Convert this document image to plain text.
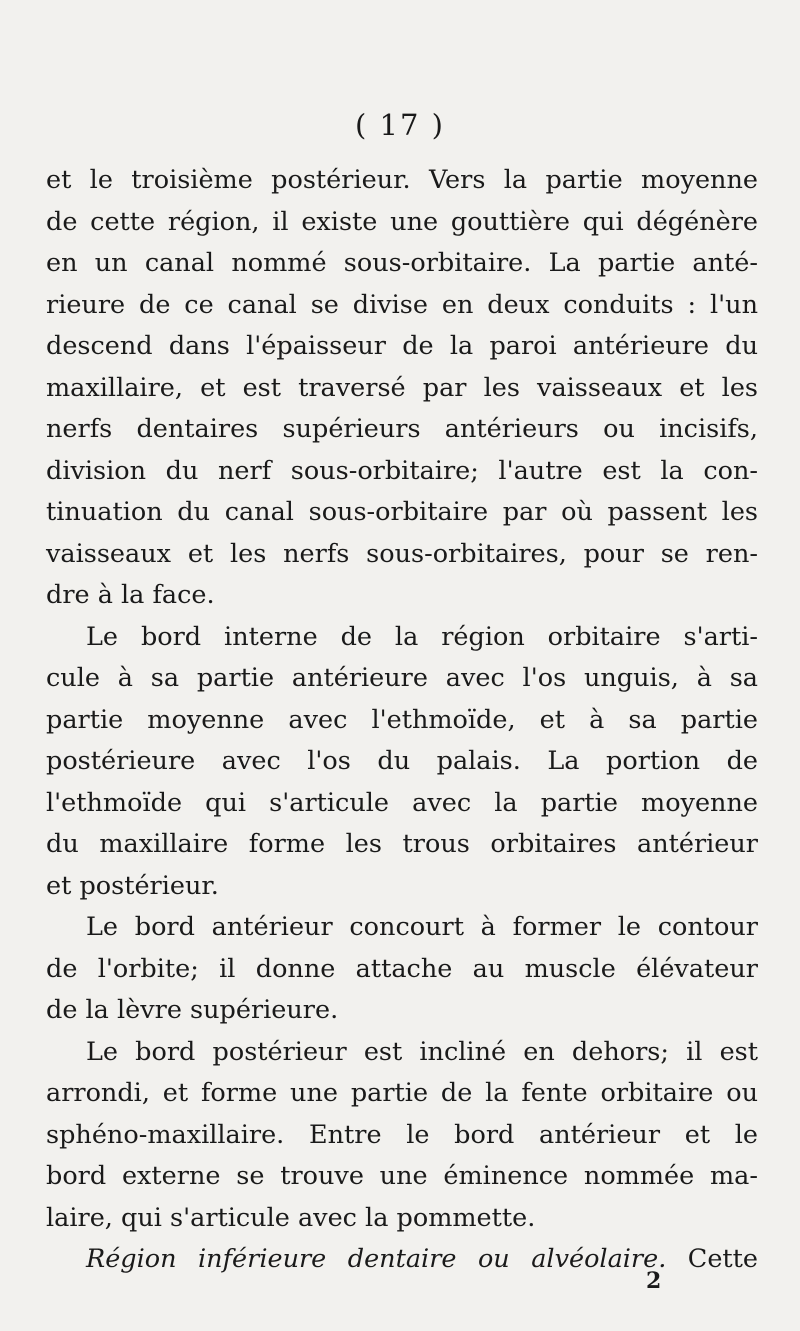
( 17 )
et le troisième postérieur. Vers la partie moyenne
de cette région, il existe une gouttière qui dégénère
en un canal nommé sous-orbitaire. La partie anté-
rieure de ce canal se divise en deux conduits : l'un
descend dans l'épaisseur de la paroi antérieure du
maxillaire, et est traversé par les vaisseaux et les
nerfs dentaires supérieurs antérieurs ou incisifs,
division du nerf sous-orbitaire; l'autre est la con-
tinuation du canal sous-orbitaire par où passent les
vaisseaux et les nerfs sous-orbitaires, pour se ren-
dre à la face.
Le bord interne de la région orbitaire s'arti-
cule à sa partie antérieure avec l'os unguis, à sa
partie moyenne avec l'ethmoïde, et à sa partie
postérieure avec l'os du palais. La portion de
l'ethmoïde qui s'articule avec la partie moyenne
du maxillaire forme les trous orbitaires antérieur
et postérieur.
Le bord antérieur concourt à former le contour
de l'orbite; il donne attache au muscle élévateur
de la lèvre supérieure.
Le bord postérieur est incliné en dehors; il est
arrondi, et forme une partie de la fente orbitaire ou
sphéno-maxillaire. Entre le bord antérieur et le
bord externe se trouve une éminence nommée ma-
laire, qui s'articule avec la pommette.
Région inférieure dentaire ou alvéolaire. Cette
2
